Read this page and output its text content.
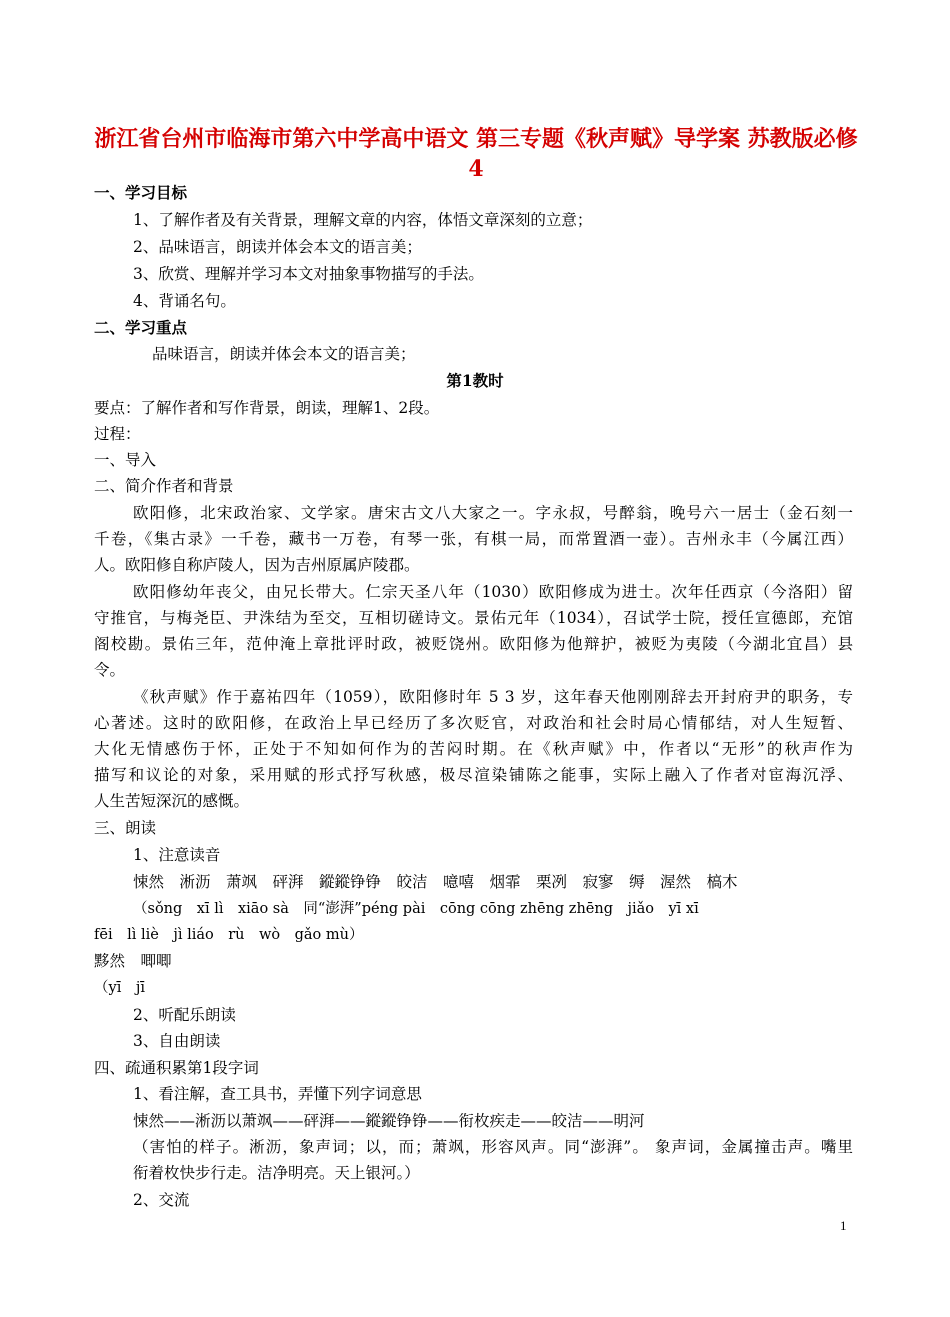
浙江省台州市临海市第六中学高中语文 第三专题《秋声赋》导学案 苏教版必修4
一、学习目标
1、了解作者及有关背景，理解文章的内容，体悟文章深刻的立意；
2、品味语言，朗读并体会本文的语言美；
3、欣赏、理解并学习本文对抽象事物描写的手法。
4、背诵名句。
二、学习重点
品味语言，朗读并体会本文的语言美；
第1教时
要点：了解作者和写作背景，朗读，理解1、2段。
过程：
一、导入
二、简介作者和背景
欧阳修，北宋政治家、文学家。唐宋古文八大家之一。字永叔，号醉翁，晚号六一居士（金石刻一
千卷，《集古录》一千卷，藏书一万卷，有琴一张，有棋一局，而常置酒一壶）。吉州永丰（今属江西）
人。欧阳修自称庐陵人，因为吉州原属庐陵郡。
欧阳修幼年丧父，由兄长带大。仁宗天圣八年（1030）欧阳修成为进士。次年任西京（今洛阳）留
守推官，与梅尧臣、尹洙结为至交，互相切磋诗文。景佑元年（1034），召试学士院，授任宣德郎，充馆
阁校勘。景佑三年，范仲淹上章批评时政，被贬饶州。欧阳修为他辩护，被贬为夷陵（今湖北宜昌）县
令。
《秋声赋》作于嘉祐四年（1059），欧阳修时年 5 3 岁，这年春天他刚刚辞去开封府尹的职务，专
心著述。这时的欧阳修，在政治上早已经历了多次贬官，对政治和社会时局心情郁结，对人生短暂、
大化无情感伤于怀，正处于不知如何作为的苦闷时期。在《秋声赋》中，作者以“无形”的秋声作为
描写和议论的对象，采用赋的形式抒写秋感，极尽渲染铺陈之能事，实际上融入了作者对宦海沉浮、
人生苦短深沉的感慨。
三、朗读
1、注意读音
悚然　淅沥　萧飒　砰湃　鏦鏦铮铮　皎洁　噫嘻　烟霏　栗冽　寂寥　缛　渥然　槁木
（sǒng　xī lì　xiāo sà　同“澎湃”péng pài　cōng cōng zhēng zhēng　jiǎo　yī xī
fēi　lì liè　jì liáo　rù　wò　gǎo mù）
黟然　唧唧
（yī　jī
2、听配乐朗读
3、自由朗读
四、疏通积累第1段字词
1、看注解，查工具书，弄懂下列字词意思
悚然——淅沥以萧飒——砰湃——鏦鏦铮铮——衔枚疾走——皎洁——明河
（害怕的样子。淅沥，象声词；以，而；萧飒，形容风声。同“澎湃”。 象声词，金属撞击声。嘴里
衔着枚快步行走。洁净明亮。天上银河。）
2、交流
1
